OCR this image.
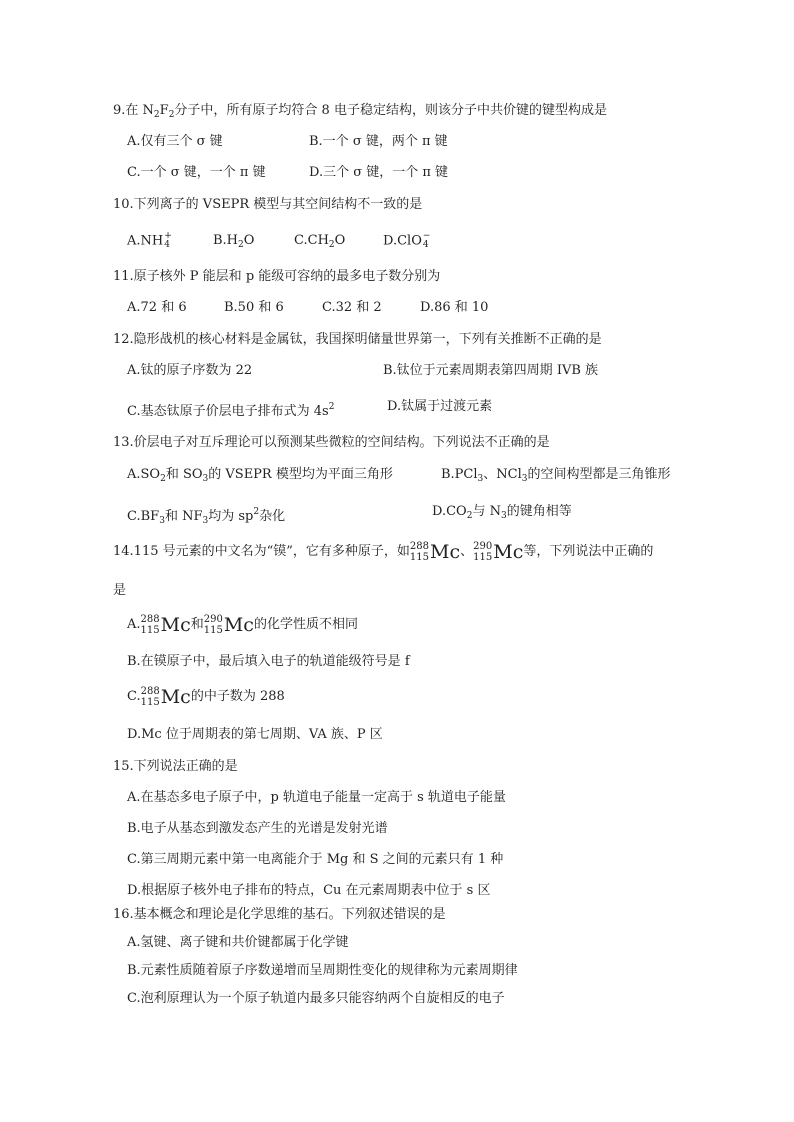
9.在 $N_2F_2$分子中，所有原子均符合 8 电子稳定结构，则该分子中共价键的键型构成是
A.仅有三个 σ 键	B.一个 σ 键，两个 π 键
C.一个 σ 键，一个 π 键	D.三个 σ 键，一个 π 键
10.下列离子的 VSEPR 模型与其空间结构不一致的是
A.NH +
4	$B.H_2O$	$C.CH_2O$	D.ClO −
4
11.原子核外 P 能层和 p 能级可容纳的最多电子数分别为
A.72 和 6	B.50 和 6	C.32 和 2	D.86 和 10
12.隐形战机的核心材料是金属钛，我国探明储量世界第一，下列有关推断不正确的是
A.钛的原子序数为 22	B.钛位于元素周期表第四周期 IVB 族
C.基态钛原子价层电子排布式为 $4s^2$	D.钛属于过渡元素
13.价层电子对互斥理论可以预测某些微粒的空间结构。下列说法不正确的是
$A.SO_2$和 $SO_3$的 VSEPR 模型均为平面三角形	B.PCl$_3$、NCl$_3$的空间构型都是三角锥形
$C.BF_3$和 $NF_3$均为 $sp^2$杂化	$D.CO_2$与 $N_3$的键角相等
14.115 号元素的中文名为“镆”，它有多种原子，如 288
115 Mc 、 290
115 Mc 等，下列说法中正确的
是
A. 288
115 Mc 和 290
115 Mc 的化学性质不相同
B.在镆原子中，最后填入电子的轨道能级符号是 f
C. 288
115 Mc 的中子数为 288
D.Mc 位于周期表的第七周期、VA 族、P 区
15.下列说法正确的是
A.在基态多电子原子中，p 轨道电子能量一定高于 s 轨道电子能量
B.电子从基态到激发态产生的光谱是发射光谱
C.第三周期元素中第一电离能介于 Mg 和 S 之间的元素只有 1 种
D.根据原子核外电子排布的特点，Cu 在元素周期表中位于 s 区
16.基本概念和理论是化学思维的基石。下列叙述错误的是
A.氢键、离子键和共价键都属于化学键
B.元素性质随着原子序数递增而呈周期性变化的规律称为元素周期律
C.泡利原理认为一个原子轨道内最多只能容纳两个自旋相反的电子
